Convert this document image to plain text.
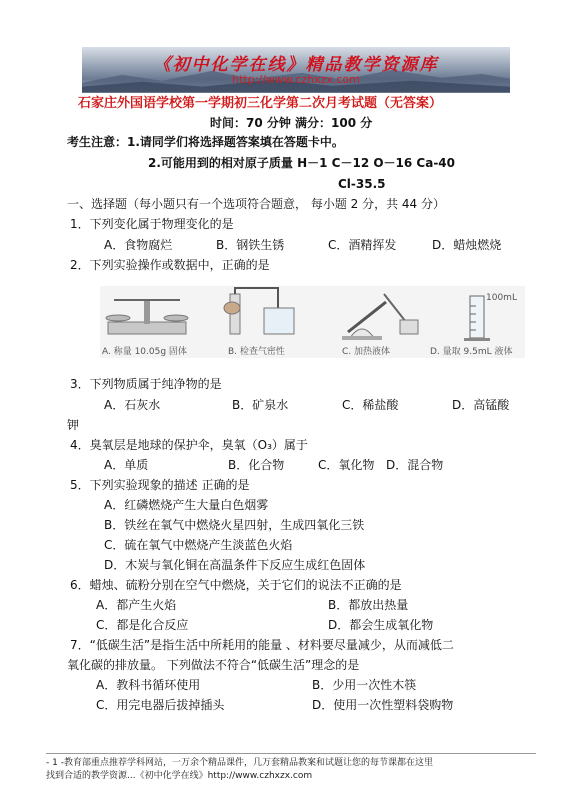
《初中化学在线》精品教学资源库
http://www.czhxzx.com
石家庄外国语学校第一学期初三化学第二次月考试题（无答案）
时间：70 分钟 满分：100 分
考生注意：1.请同学们将选择题答案填在答题卡中。
2.可能用到的相对原子质量 H－1 C－12 O－16 Ca-40
Cl-35.5
一、选择题（每小题只有一个选项符合题意， 每小题 2 分，共 44 分）
1．下列变化属于物理变化的是
A．食物腐烂	B．钢铁生锈	C．酒精挥发	D．蜡烛燃烧
2．下列实验操作或数据中，正确的是
100mL
A. 称量 10.05g 固体	B. 检查气密性	C. 加热液体	D. 量取 9.5mL 液体
3．下列物质属于纯净物的是
A．石灰水	B．矿泉水	C．稀盐酸	D．高锰酸
钾
4．臭氧层是地球的保护伞，臭氧（O₃）属于
A．单质	B．化合物	C．氧化物 D．混合物
5．下列实验现象的描述 正确的是
A．红磷燃烧产生大量白色烟雾
B．铁丝在氧气中燃烧火星四射，生成四氧化三铁
C．硫在氧气中燃烧产生淡蓝色火焰
D．木炭与氧化铜在高温条件下反应生成红色固体
6．蜡烛、硫粉分别在空气中燃烧，关于它们的说法不正确的是
A．都产生火焰	B．都放出热量
C．都是化合反应	D．都会生成氧化物
7．“低碳生活”是指生活中所耗用的能量 、材料要尽量减少，从而减低二
氧化碳的排放量。 下列做法不符合“低碳生活”理念的是
A．教科书循环使用	B．少用一次性木筷
C．用完电器后拔掉插头	D．使用一次性塑料袋购物
- 1 -教育部重点推荐学科网站，一万余个精品课件，几万套精品教案和试题让您的每节课都在这里
找到合适的教学资源...《初中化学在线》http://www.czhxzx.com
